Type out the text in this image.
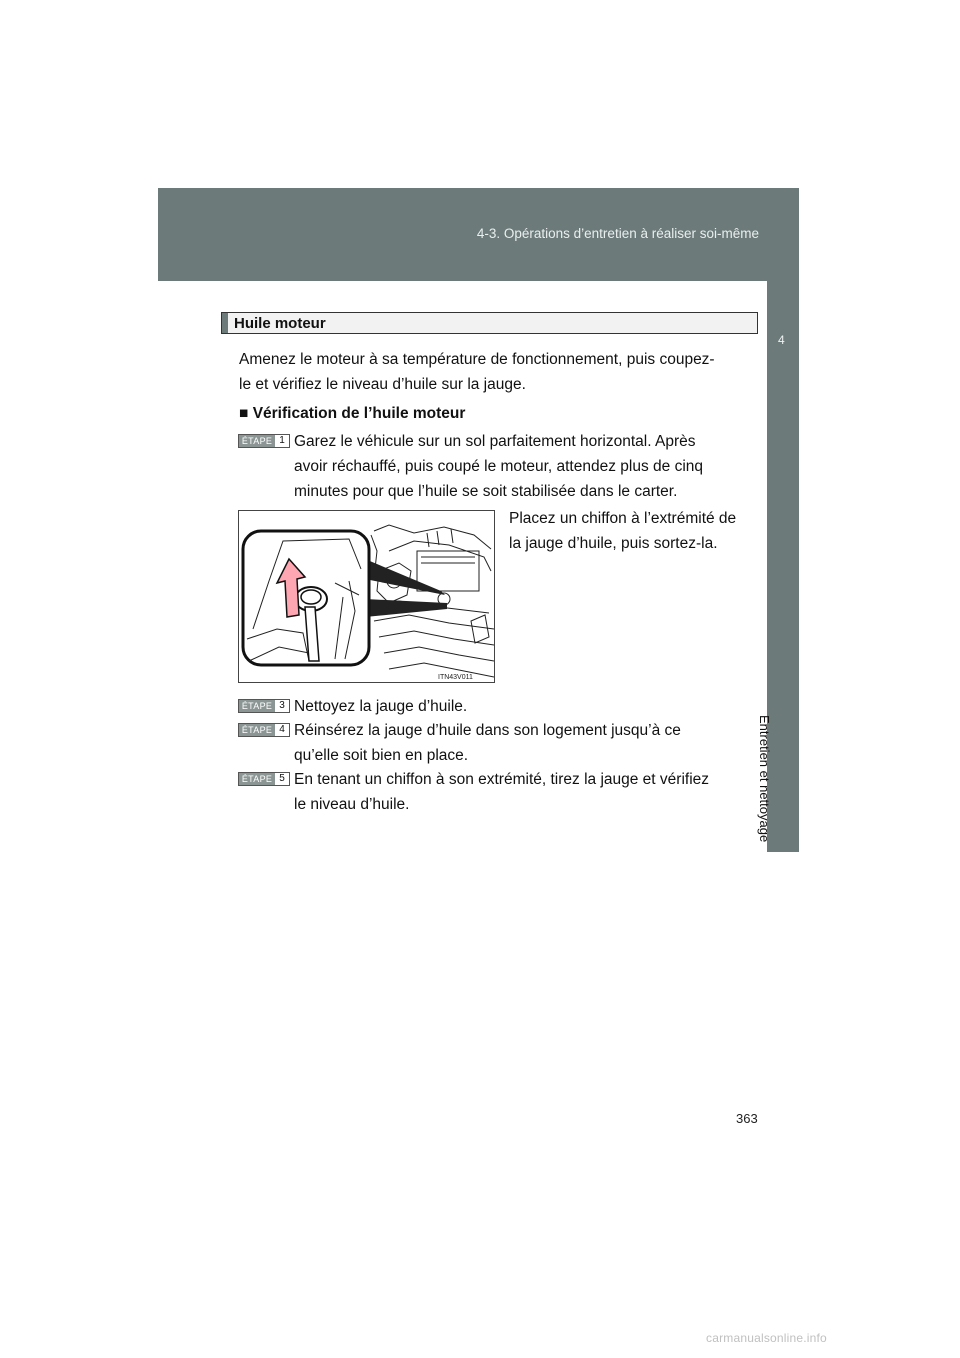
4-3. Opérations d’entretien à réaliser soi-même
4
Entretien et nettoyage
Huile moteur
Amenez le moteur à sa température de fonctionnement, puis coupez-
le et vérifiez le niveau d’huile sur la jauge.
■ Vérification de l’huile moteur
ÉTAPE 1 Garez le véhicule sur un sol parfaitement horizontal. Après
avoir réchauffé, puis coupé le moteur, attendez plus de cinq
minutes pour que l’huile se soit stabilisée dans le carter.
Placez un chiffon à l’extrémité de
la jauge d’huile, puis sortez-la.
ITN43V011
ÉTAPE 3 Nettoyez la jauge d’huile.
ÉTAPE 4 Réinsérez la jauge d’huile dans son logement jusqu’à ce
qu’elle soit bien en place.
ÉTAPE 5 En tenant un chiffon à son extrémité, tirez la jauge et vérifiez
le niveau d’huile.
363
carmanualsonline.info
